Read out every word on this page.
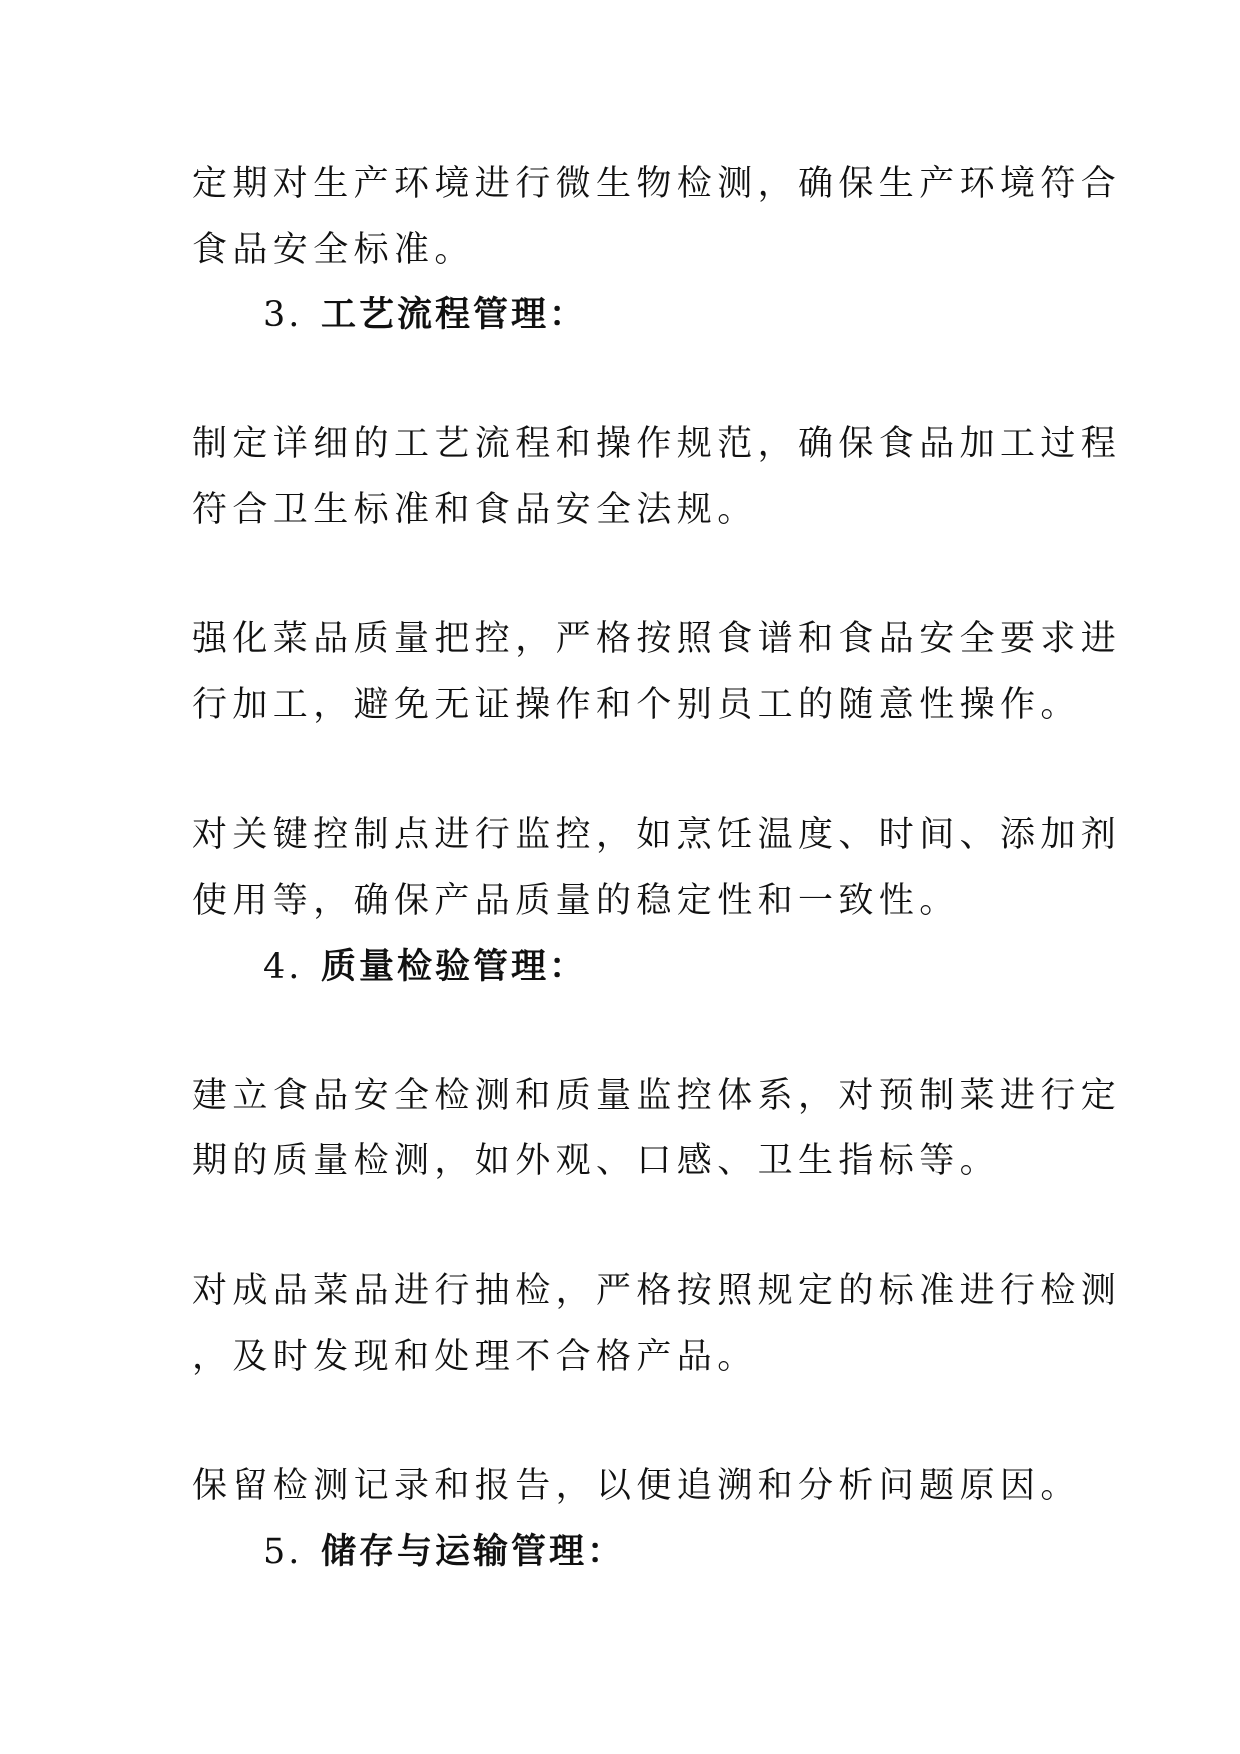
定期对生产环境进行微生物检测，确保生产环境符合
食品安全标准。
3. 工艺流程管理：
制定详细的工艺流程和操作规范，确保食品加工过程
符合卫生标准和食品安全法规。
强化菜品质量把控，严格按照食谱和食品安全要求进
行加工，避免无证操作和个别员工的随意性操作。
对关键控制点进行监控，如烹饪温度、时间、添加剂
使用等，确保产品质量的稳定性和一致性。
4. 质量检验管理：
建立食品安全检测和质量监控体系，对预制菜进行定
期的质量检测，如外观、口感、卫生指标等。
对成品菜品进行抽检，严格按照规定的标准进行检测
，及时发现和处理不合格产品。
保留检测记录和报告，以便追溯和分析问题原因。
5. 储存与运输管理：
